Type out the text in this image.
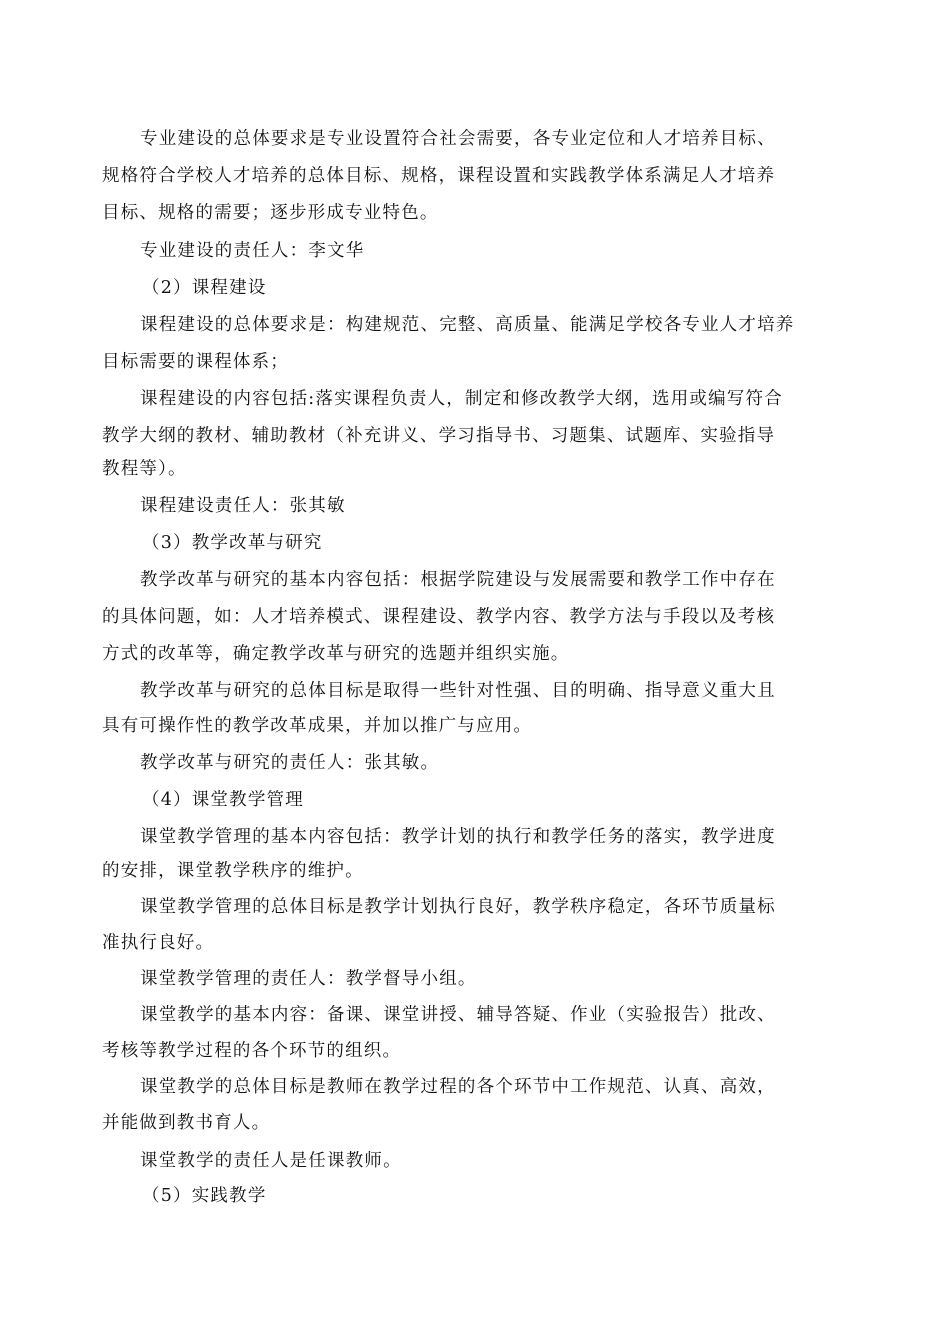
专业建设的总体要求是专业设置符合社会需要，各专业定位和人才培养目标、
规格符合学校人才培养的总体目标、规格，课程设置和实践教学体系满足人才培养
目标、规格的需要；逐步形成专业特色。
专业建设的责任人：李文华
（2）课程建设
课程建设的总体要求是：构建规范、完整、高质量、能满足学校各专业人才培养
目标需要的课程体系；
课程建设的内容包括:落实课程负责人，制定和修改教学大纲，选用或编写符合
教学大纲的教材、辅助教材（补充讲义、学习指导书、习题集、试题库、实验指导
教程等）。
课程建设责任人：张其敏
（3）教学改革与研究
教学改革与研究的基本内容包括：根据学院建设与发展需要和教学工作中存在
的具体问题，如：人才培养模式、课程建设、教学内容、教学方法与手段以及考核
方式的改革等，确定教学改革与研究的选题并组织实施。
教学改革与研究的总体目标是取得一些针对性强、目的明确、指导意义重大且
具有可操作性的教学改革成果，并加以推广与应用。
教学改革与研究的责任人：张其敏。
（4）课堂教学管理
课堂教学管理的基本内容包括：教学计划的执行和教学任务的落实，教学进度
的安排，课堂教学秩序的维护。
课堂教学管理的总体目标是教学计划执行良好，教学秩序稳定，各环节质量标
准执行良好。
课堂教学管理的责任人：教学督导小组。
课堂教学的基本内容：备课、课堂讲授、辅导答疑、作业（实验报告）批改、
考核等教学过程的各个环节的组织。
课堂教学的总体目标是教师在教学过程的各个环节中工作规范、认真、高效，
并能做到教书育人。
课堂教学的责任人是任课教师。
（5）实践教学
